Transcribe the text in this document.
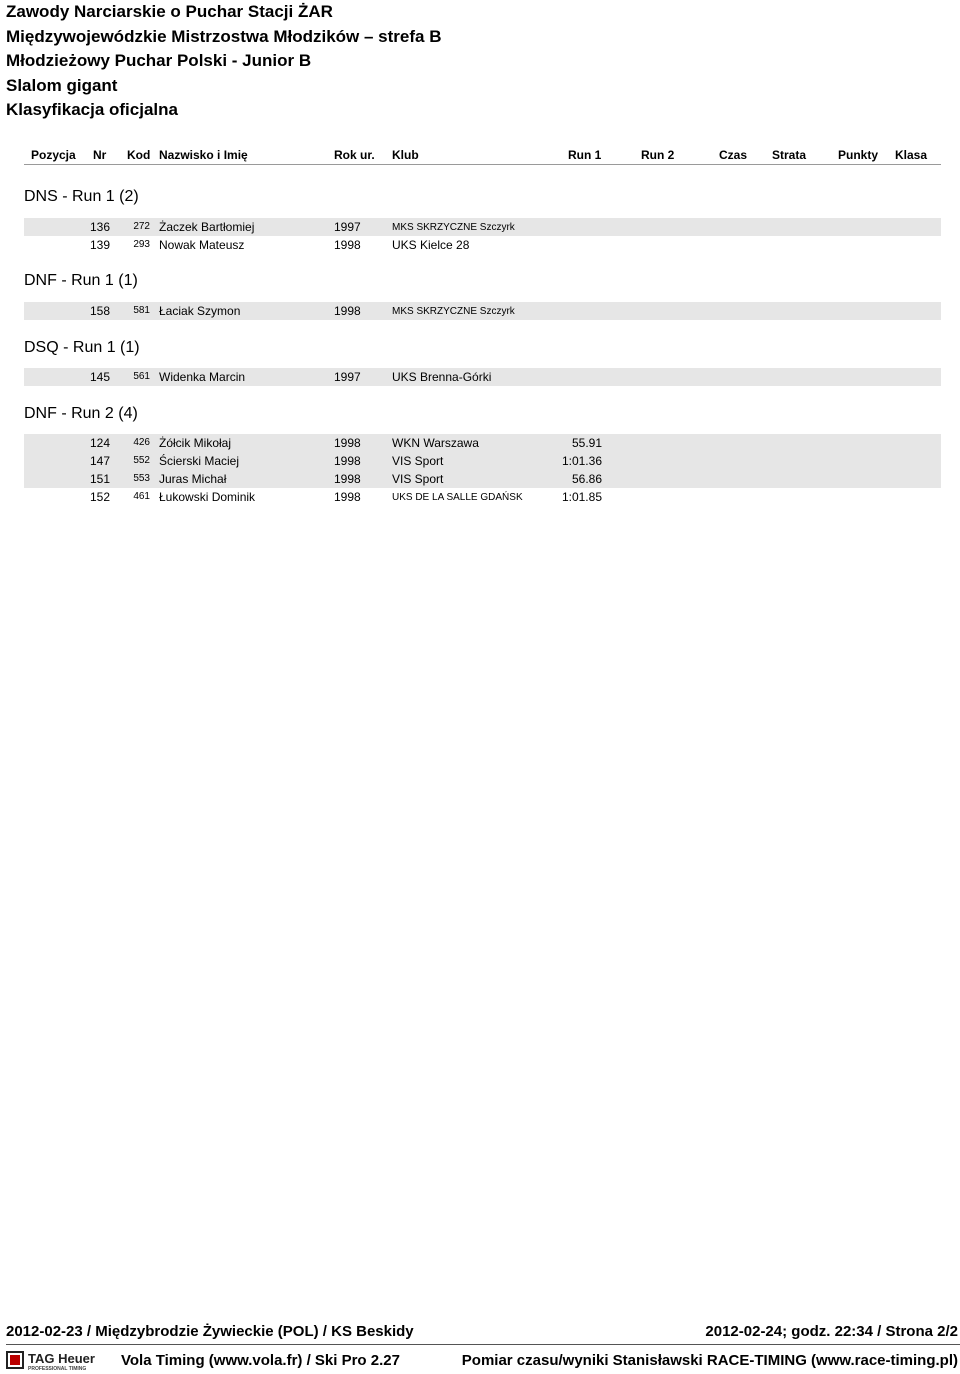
Zawody Narciarskie o Puchar Stacji ŻAR
Międzywojewódzkie Mistrzostwa Młodzików – strefa B
Młodzieżowy Puchar Polski - Junior B
Slalom gigant
Klasyfikacja oficjalna
Pozycja Nr Kod Nazwisko i Imię	Rok ur. Klub	Run 1	Run 2	Czas Strata	Punkty Klasa
DNS - Run 1 (2)
136	272 Żaczek Bartłomiej	1997	MKS SKRZYCZNE Szczyrk
139	293 Nowak Mateusz	1998	UKS Kielce 28
DNF - Run 1 (1)
158	581 Łaciak Szymon	1998	MKS SKRZYCZNE Szczyrk
DSQ - Run 1 (1)
145	561 Widenka Marcin	1997	UKS Brenna-Górki
DNF - Run 2 (4)
124	426 Żółcik Mikołaj	1998	WKN Warszawa	55.91
147	552 Ścierski Maciej	1998	VIS Sport	1:01.36
151	553 Juras Michał	1998	VIS Sport	56.86
152	461 Łukowski Dominik	1998	UKS DE LA SALLE GDAŃSK	1:01.85
2012-02-23 / Międzybrodzie Żywieckie (POL) / KS Beskidy	2012-02-24; godz. 22:34 / Strona 2/2
TAG Heuer
PROFESSIONAL TIMING Vola Timing (www.vola.fr) / Ski Pro 2.27	Pomiar czasu/wyniki Stanisławski RACE-TIMING (www.race-timing.pl)
